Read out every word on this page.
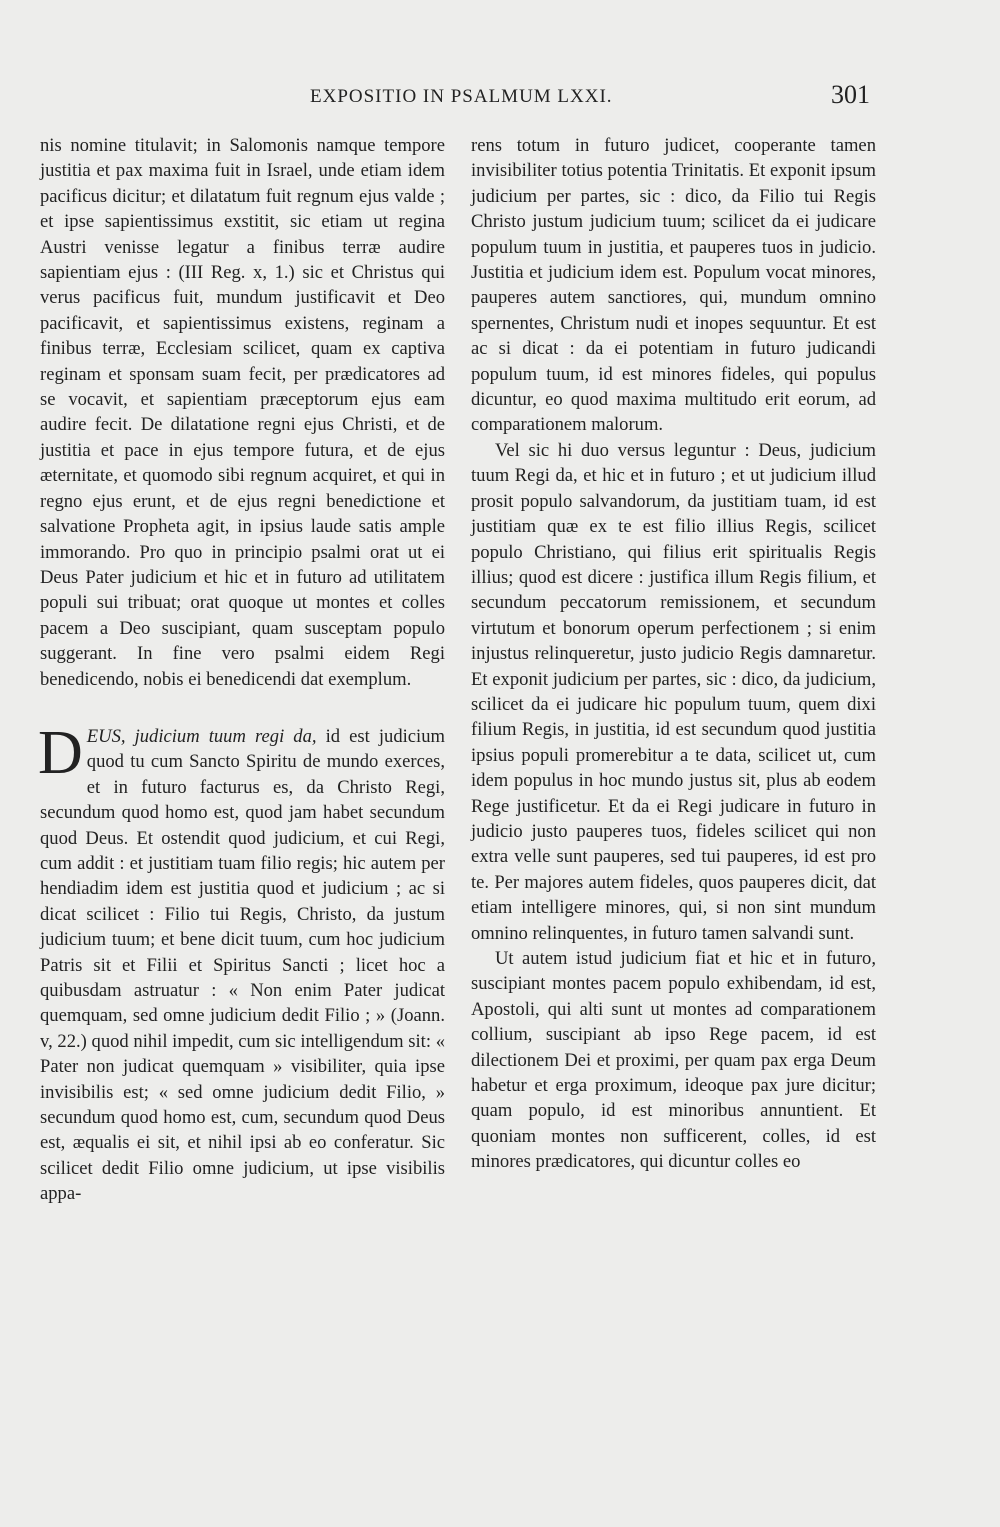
EXPOSITIO IN PSALMUM LXXI.	301

nis nomine titulavit; in Salomonis namque tempore justitia et pax maxima fuit in Israel, unde etiam idem pacificus dicitur; et dilatatum fuit regnum ejus valde ; et ipse sapientissimus exstitit, sic etiam ut regina Austri venisse legatur a finibus terræ audire sapientiam ejus : (III Reg. x, 1.) sic et Christus qui verus pacificus fuit, mundum justificavit et Deo pacificavit, et sapientissimus existens, reginam a finibus terræ, Ecclesiam scilicet, quam ex captiva reginam et sponsam suam fecit, per prædicatores ad se vocavit, et sapientiam præceptorum ejus eam audire fecit. De dilatatione regni ejus Christi, et de justitia et pace in ejus tempore futura, et de ejus æternitate, et quomodo sibi regnum acquiret, et qui in regno ejus erunt, et de ejus regni benedictione et salvatione Propheta agit, in ipsius laude satis ample immorando. Pro quo in principio psalmi orat ut ei Deus Pater judicium et hic et in futuro ad utilitatem populi sui tribuat; orat quoque ut montes et colles pacem a Deo suscipiant, quam susceptam populo suggerant. In fine vero psalmi eidem Regi benedicendo, nobis ei benedicendi dat exemplum.

DEUS, judicium tuum regi da, id est judicium quod tu cum Sancto Spiritu de mundo exerces, et in futuro facturus es, da Christo Regi, secundum quod homo est, quod jam habet secundum quod Deus. Et ostendit quod judicium, et cui Regi, cum addit : et justitiam tuam filio regis; hic autem per hendiadim idem est justitia quod et judicium ; ac si dicat scilicet : Filio tui Regis, Christo, da justum judicium tuum; et bene dicit tuum, cum hoc judicium Patris sit et Filii et Spiritus Sancti ; licet hoc a quibusdam astruatur : « Non enim Pater judicat quemquam, sed omne judicium dedit Filio ; » (Joann. v, 22.) quod nihil impedit, cum sic intelligendum sit: « Pater non judicat quemquam » visibiliter, quia ipse invisibilis est; « sed omne judicium dedit Filio, » secundum quod homo est, cum, secundum quod Deus est, æqualis ei sit, et nihil ipsi ab eo conferatur. Sic scilicet dedit Filio omne judicium, ut ipse visibilis appa-

rens totum in futuro judicet, cooperante tamen invisibiliter totius potentia Trinitatis. Et exponit ipsum judicium per partes, sic : dico, da Filio tui Regis Christo justum judicium tuum; scilicet da ei judicare populum tuum in justitia, et pauperes tuos in judicio. Justitia et judicium idem est. Populum vocat minores, pauperes autem sanctiores, qui, mundum omnino spernentes, Christum nudi et inopes sequuntur. Et est ac si dicat : da ei potentiam in futuro judicandi populum tuum, id est minores fideles, qui populus dicuntur, eo quod maxima multitudo erit eorum, ad comparationem malorum.

Vel sic hi duo versus leguntur : Deus, judicium tuum Regi da, et hic et in futuro ; et ut judicium illud prosit populo salvandorum, da justitiam tuam, id est justitiam quæ ex te est filio illius Regis, scilicet populo Christiano, qui filius erit spiritualis Regis illius; quod est dicere : justifica illum Regis filium, et secundum peccatorum remissionem, et secundum virtutum et bonorum operum perfectionem ; si enim injustus relinqueretur, justo judicio Regis damnaretur. Et exponit judicium per partes, sic : dico, da judicium, scilicet da ei judicare hic populum tuum, quem dixi filium Regis, in justitia, id est secundum quod justitia ipsius populi promerebitur a te data, scilicet ut, cum idem populus in hoc mundo justus sit, plus ab eodem Rege justificetur. Et da ei Regi judicare in futuro in judicio justo pauperes tuos, fideles scilicet qui non extra velle sunt pauperes, sed tui pauperes, id est pro te. Per majores autem fideles, quos pauperes dicit, dat etiam intelligere minores, qui, si non sint mundum omnino relinquentes, in futuro tamen salvandi sunt.

Ut autem istud judicium fiat et hic et in futuro, suscipiant montes pacem populo exhibendam, id est, Apostoli, qui alti sunt ut montes ad comparationem collium, suscipiant ab ipso Rege pacem, id est dilectionem Dei et proximi, per quam pax erga Deum habetur et erga proximum, ideoque pax jure dicitur; quam populo, id est minoribus annuntient. Et quoniam montes non sufficerent, colles, id est minores prædicatores, qui dicuntur colles eo
